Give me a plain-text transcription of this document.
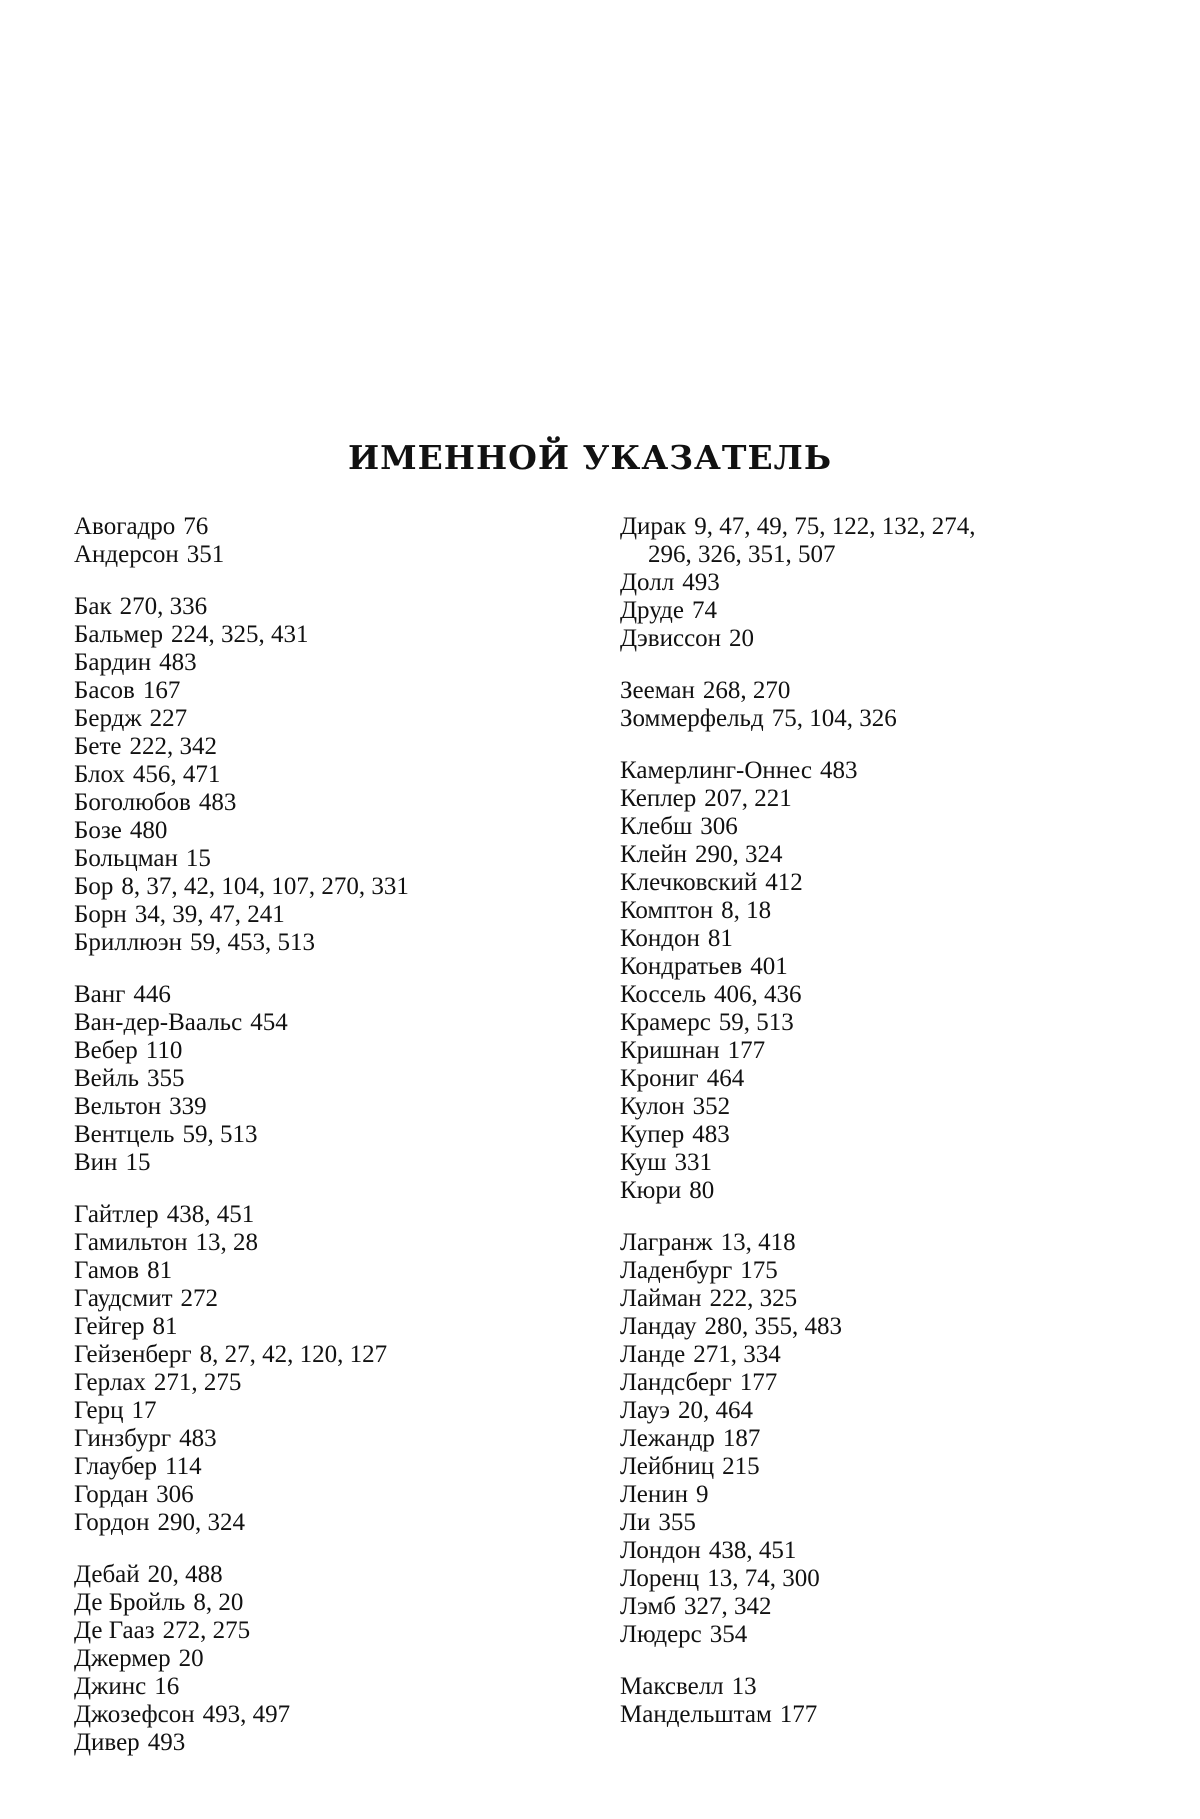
ИМЕННОЙ УКАЗАТЕЛЬ
Авогадро 76
Андерсон 351
Бак 270, 336
Бальмер 224, 325, 431
Бардин 483
Басов 167
Бердж 227
Бете 222, 342
Блох 456, 471
Боголюбов 483
Бозе 480
Больцман 15
Бор 8, 37, 42, 104, 107, 270, 331
Борн 34, 39, 47, 241
Бриллюэн 59, 453, 513
Ванг 446
Ван-дер-Ваальс 454
Вебер 110
Вейль 355
Вельтон 339
Вентцель 59, 513
Вин 15
Гайтлер 438, 451
Гамильтон 13, 28
Гамов 81
Гаудсмит 272
Гейгер 81
Гейзенберг 8, 27, 42, 120, 127
Герлах 271, 275
Герц 17
Гинзбург 483
Глаубер 114
Гордан 306
Гордон 290, 324
Дебай 20, 488
Де Бройль 8, 20
Де Гааз 272, 275
Джермер 20
Джинс 16
Джозефсон 493, 497
Дивер 493
Дирак 9, 47, 49, 75, 122, 132, 274,
296, 326, 351, 507
Долл 493
Друде 74
Дэвиссон 20
Зееман 268, 270
Зоммерфельд 75, 104, 326
Камерлинг-Оннес 483
Кеплер 207, 221
Клебш 306
Клейн 290, 324
Клечковский 412
Комптон 8, 18
Кондон 81
Кондратьев 401
Коссель 406, 436
Крамерс 59, 513
Кришнан 177
Крониг 464
Кулон 352
Купер 483
Куш 331
Кюри 80
Лагранж 13, 418
Ладенбург 175
Лайман 222, 325
Ландау 280, 355, 483
Ланде 271, 334
Ландсберг 177
Лауэ 20, 464
Лежандр 187
Лейбниц 215
Ленин 9
Ли 355
Лондон 438, 451
Лоренц 13, 74, 300
Лэмб 327, 342
Людерс 354
Максвелл 13
Мандельштам 177
